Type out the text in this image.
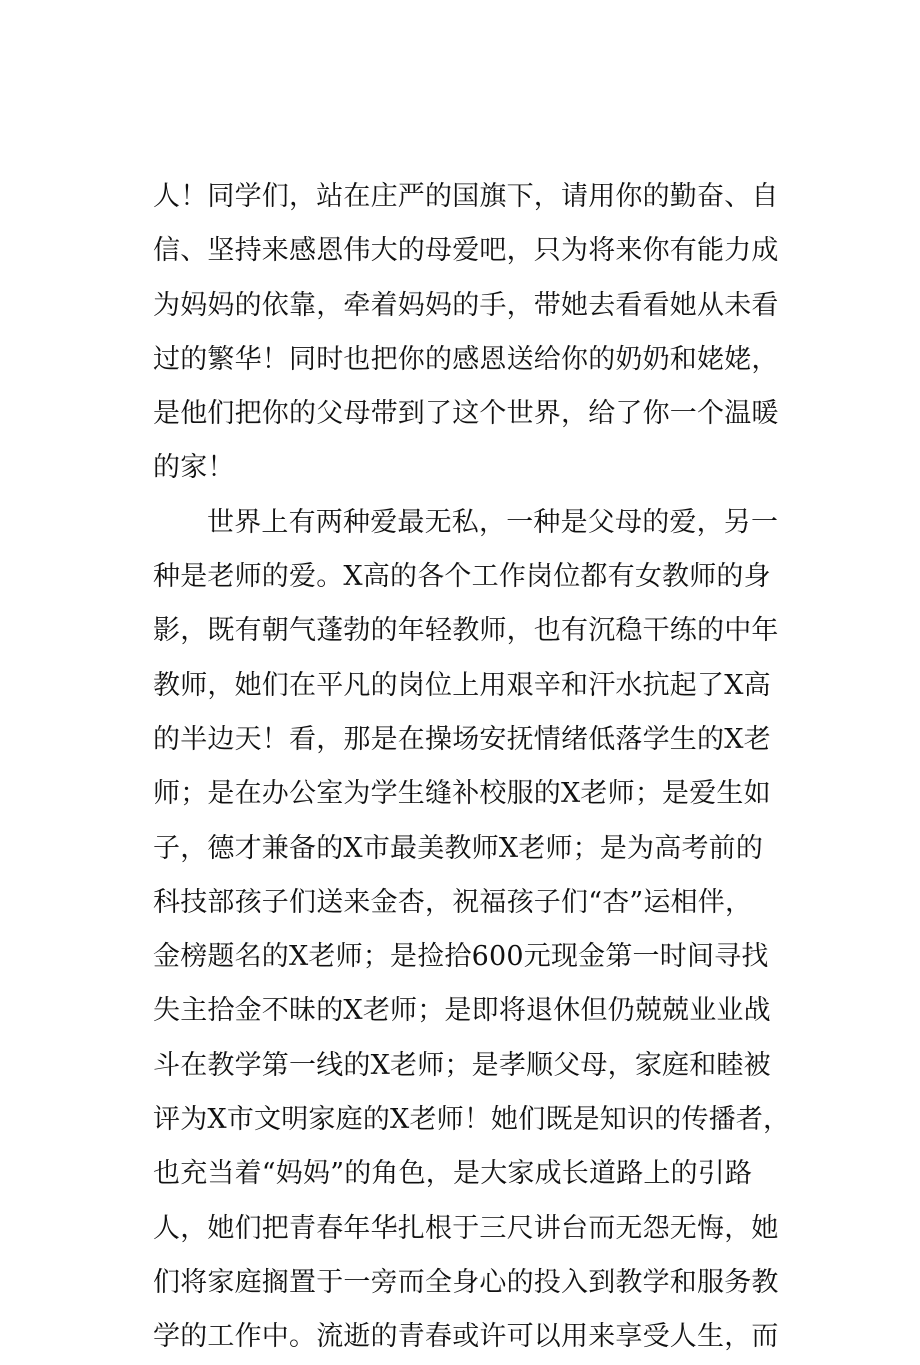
人！同学们，站在庄严的国旗下，请用你的勤奋、自
信、坚持来感恩伟大的母爱吧，只为将来你有能力成
为妈妈的依靠，牵着妈妈的手，带她去看看她从未看
过的繁华！同时也把你的感恩送给你的奶奶和姥姥，
是他们把你的父母带到了这个世界，给了你一个温暖
的家！
世界上有两种爱最无私，一种是父母的爱，另一
种是老师的爱。X高的各个工作岗位都有女教师的身
影，既有朝气蓬勃的年轻教师，也有沉稳干练的中年
教师，她们在平凡的岗位上用艰辛和汗水抗起了X高
的半边天！看，那是在操场安抚情绪低落学生的X老
师；是在办公室为学生缝补校服的X老师；是爱生如
子，德才兼备的X市最美教师X老师；是为高考前的
科技部孩子们送来金杏，祝福孩子们“杏”运相伴，
金榜题名的X老师；是捡拾600元现金第一时间寻找
失主拾金不昧的X老师；是即将退休但仍兢兢业业战
斗在教学第一线的X老师；是孝顺父母，家庭和睦被
评为X市文明家庭的X老师！她们既是知识的传播者，
也充当着“妈妈”的角色，是大家成长道路上的引路
人，她们把青春年华扎根于三尺讲台而无怨无悔，她
们将家庭搁置于一旁而全身心的投入到教学和服务教
学的工作中。流逝的青春或许可以用来享受人生，而
